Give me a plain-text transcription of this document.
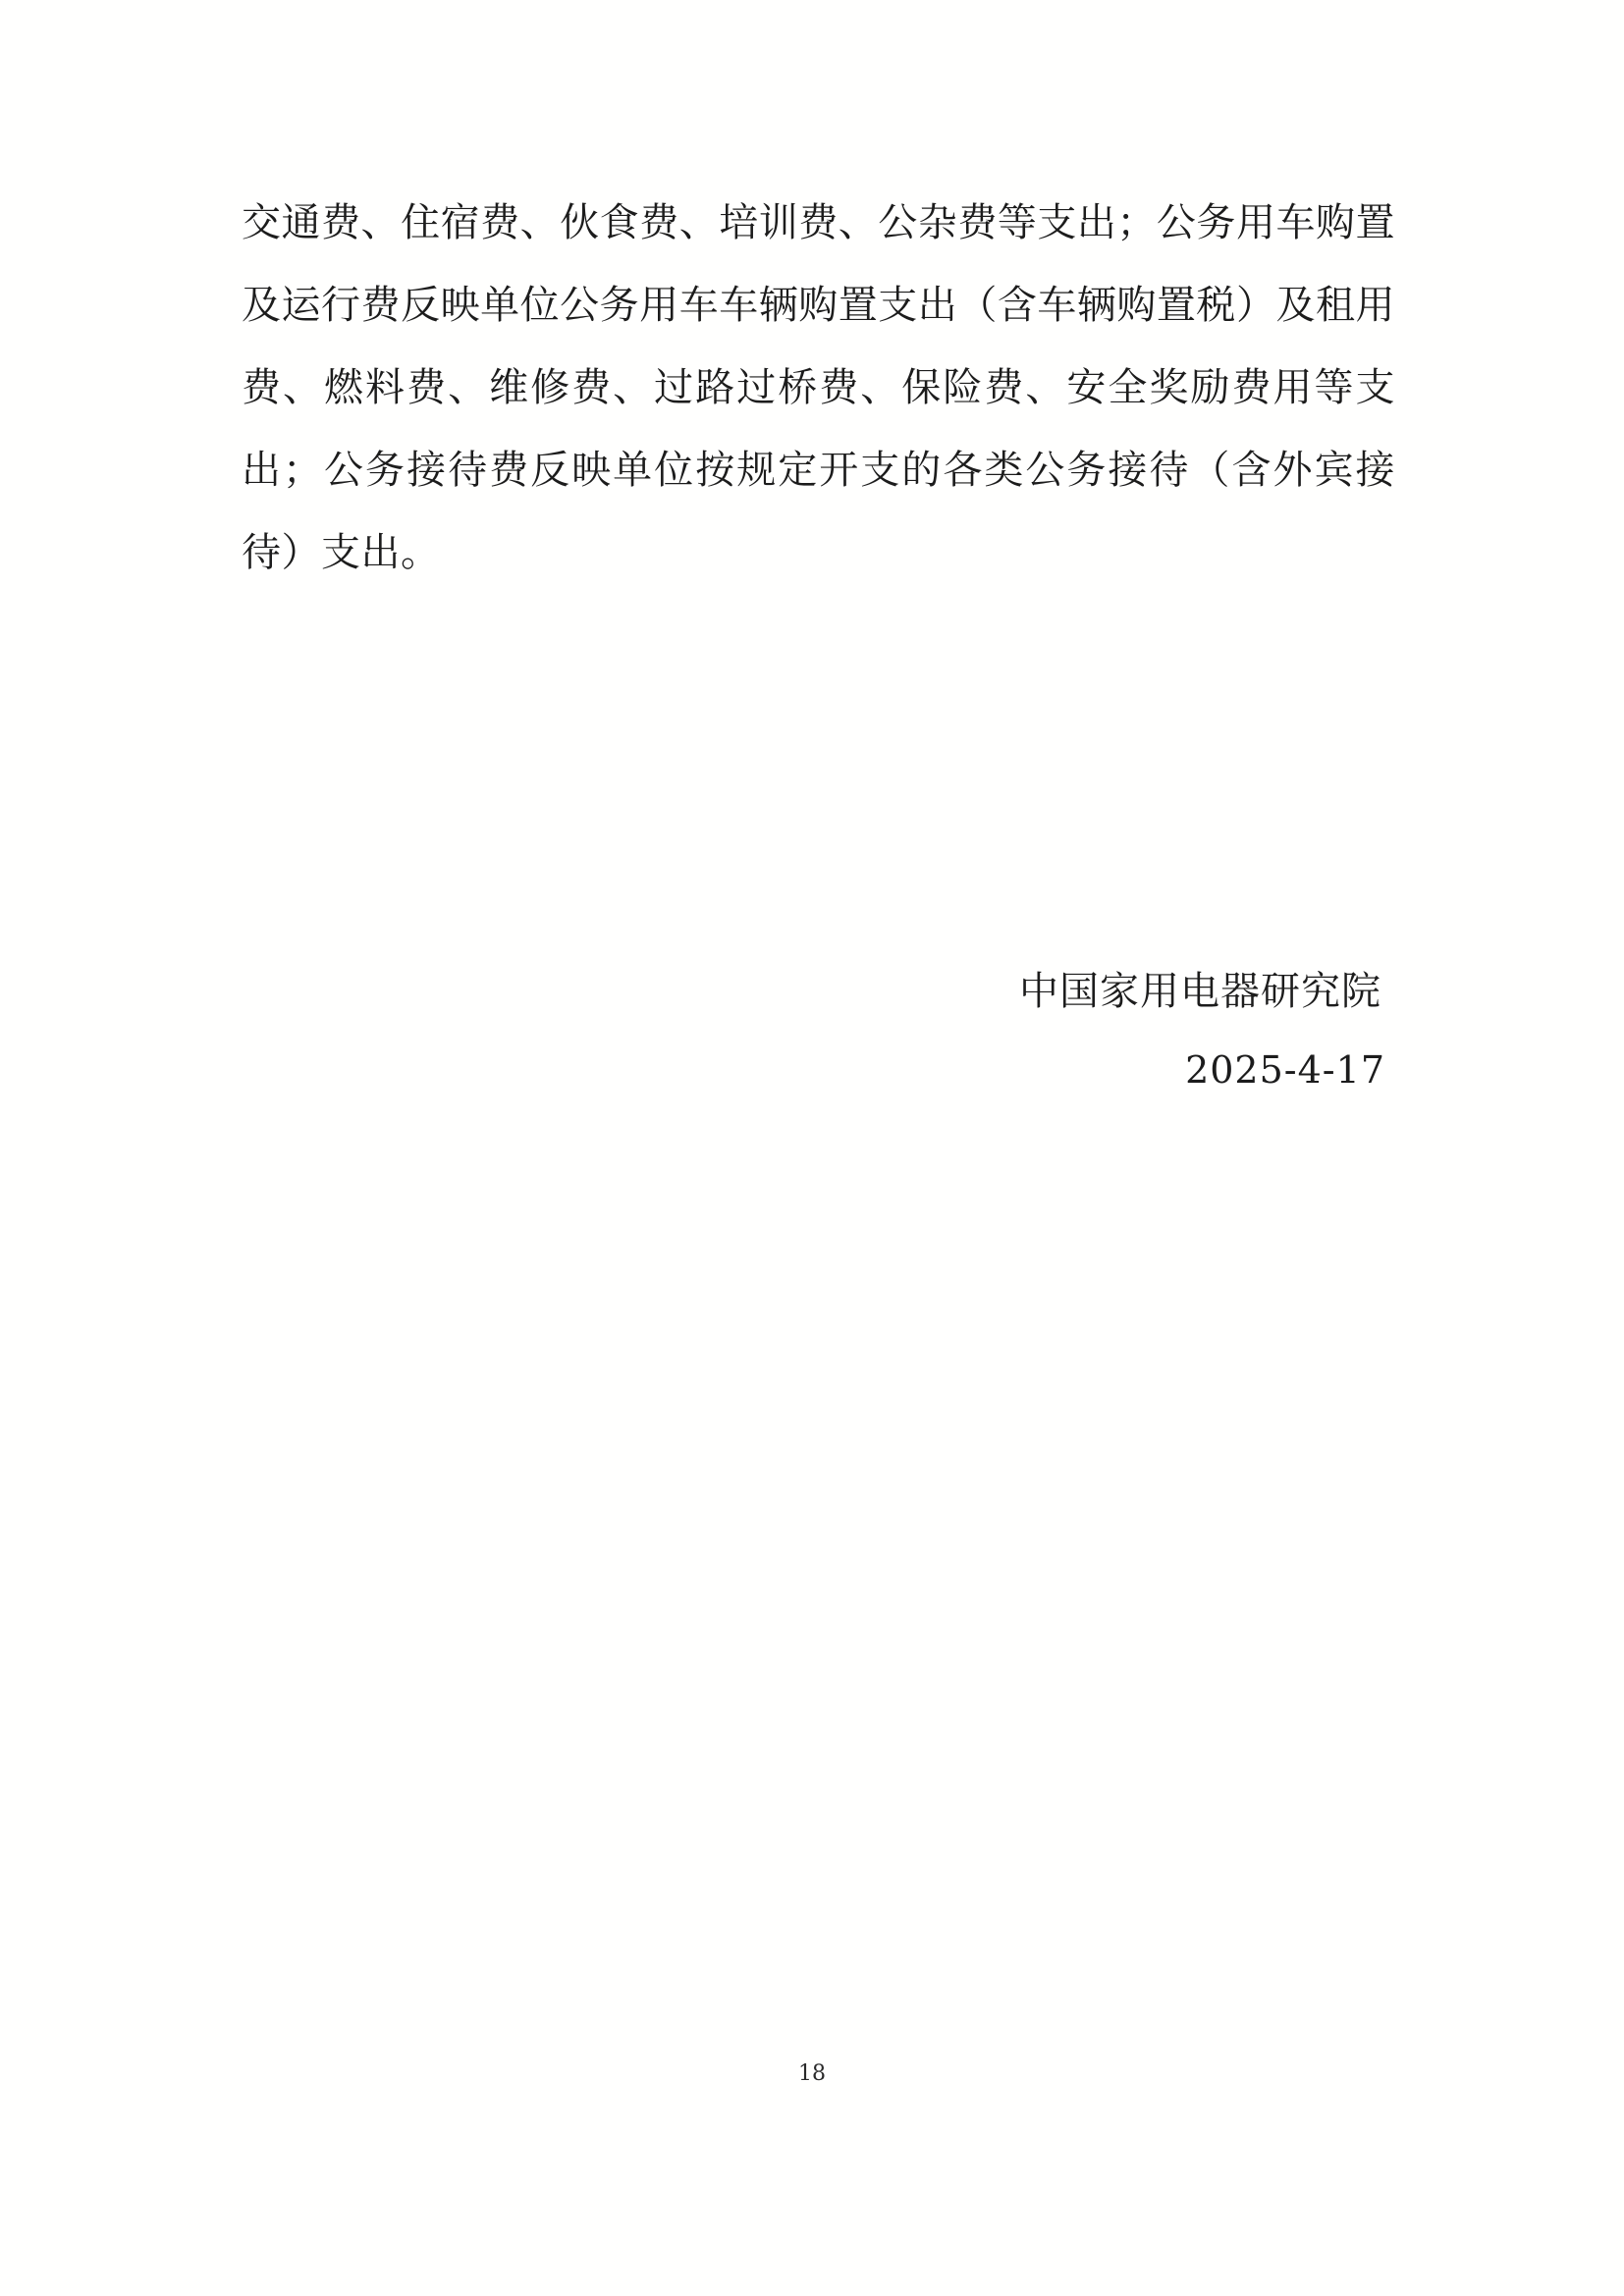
交通费、住宿费、伙食费、培训费、公杂费等支出；公务用车购置及运行费反映单位公务用车车辆购置支出（含车辆购置税）及租用费、燃料费、维修费、过路过桥费、保险费、安全奖励费用等支出；公务接待费反映单位按规定开支的各类公务接待（含外宾接待）支出。

中国家用电器研究院
2025-4-17
18
